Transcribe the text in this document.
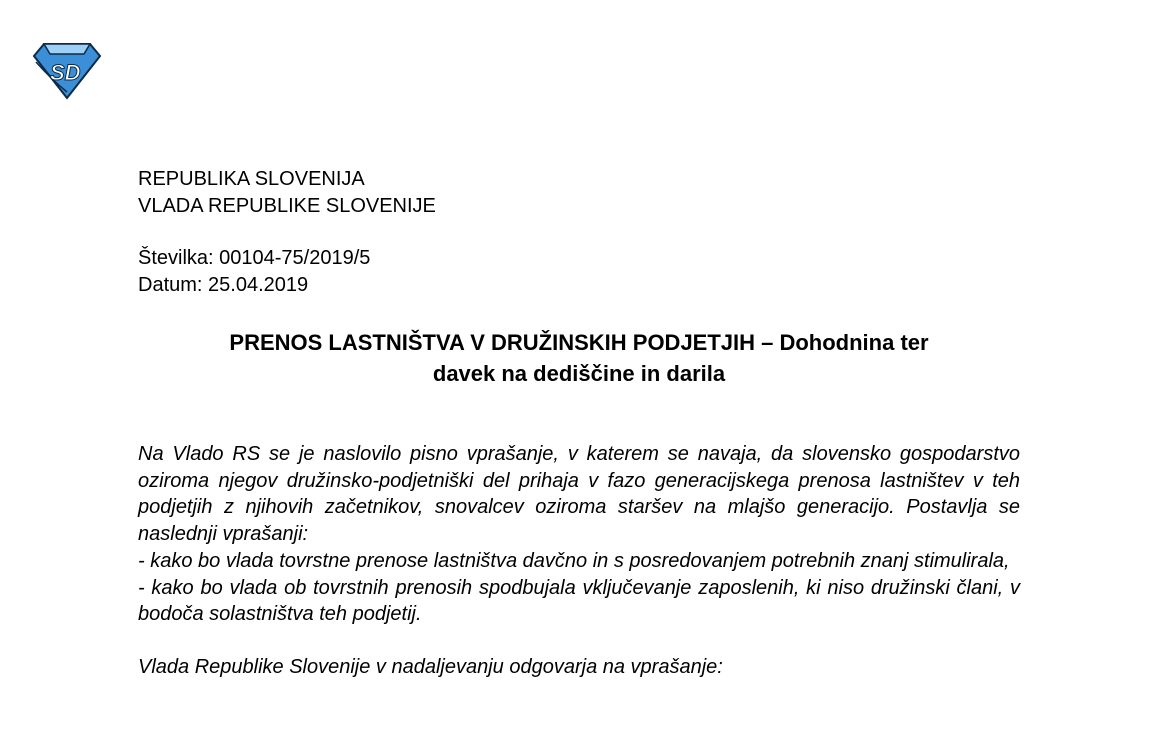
SD
REPUBLIKA SLOVENIJA
VLADA REPUBLIKE SLOVENIJE
Številka: 00104-75/2019/5
Datum: 25.04.2019
PRENOS LASTNIŠTVA V DRUŽINSKIH PODJETJIH – Dohodnina ter
davek na dediščine in darila

Na Vlado RS se je naslovilo pisno vprašanje, v katerem se navaja, da slovensko gospodarstvo oziroma njegov družinsko-podjetniški del prihaja v fazo generacijskega prenosa lastništev v teh podjetjih z njihovih začetnikov, snovalcev oziroma staršev na mlajšo generacijo. Postavlja se naslednji vprašanji:

- kako bo vlada tovrstne prenose lastništva davčno in s posredovanjem potrebnih znanj stimulirala,

- kako bo vlada ob tovrstnih prenosih spodbujala vključevanje zaposlenih, ki niso družinski člani, v bodoča solastništva teh podjetij.

Vlada Republike Slovenije v nadaljevanju odgovarja na vprašanje:
